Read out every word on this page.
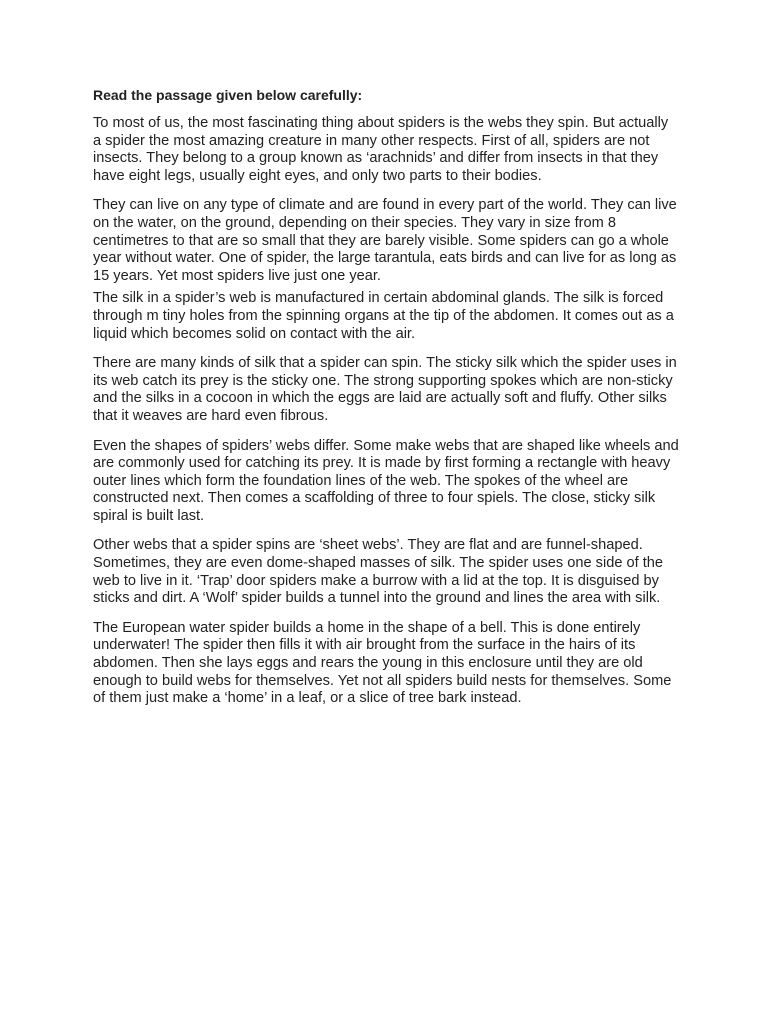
Read the passage given below carefully:

To most of us, the most fascinating thing about spiders is the webs they spin. But actually a spider the most amazing creature in many other respects. First of all, spiders are not insects. They belong to a group known as ‘arachnids’ and differ from insects in that they have eight legs, usually eight eyes, and only two parts to their bodies.

They can live on any type of climate and are found in every part of the world. They can live on the water, on the ground, depending on their species. They vary in size from 8 centimetres to that are so small that they are barely visible. Some spiders can go a whole year without water. One of spider, the large tarantula, eats birds and can live for as long as 15 years. Yet most spiders live just one year.

The silk in a spider’s web is manufactured in certain abdominal glands. The silk is forced through m tiny holes from the spinning organs at the tip of the abdomen. It comes out as a liquid which becomes solid on contact with the air.

There are many kinds of silk that a spider can spin. The sticky silk which the spider uses in its web catch its prey is the sticky one. The strong supporting spokes which are non-sticky and the silks in a cocoon in which the eggs are laid are actually soft and fluffy. Other silks that it weaves are hard even fibrous.

Even the shapes of spiders’ webs differ. Some make webs that are shaped like wheels and are commonly used for catching its prey. It is made by first forming a rectangle with heavy outer lines which form the foundation lines of the web. The spokes of the wheel are constructed next. Then comes a scaffolding of three to four spiels. The close, sticky silk spiral is built last.

Other webs that a spider spins are ‘sheet webs’. They are flat and are funnel-shaped. Sometimes, they are even dome-shaped masses of silk. The spider uses one side of the web to live in it. ‘Trap’ door spiders make a burrow with a lid at the top. It is disguised by sticks and dirt. A ‘Wolf’ spider builds a tunnel into the ground and lines the area with silk.

The European water spider builds a home in the shape of a bell. This is done entirely underwater! The spider then fills it with air brought from the surface in the hairs of its abdomen. Then she lays eggs and rears the young in this enclosure until they are old enough to build webs for themselves. Yet not all spiders build nests for themselves. Some of them just make a ‘home’ in a leaf, or a slice of tree bark instead.
